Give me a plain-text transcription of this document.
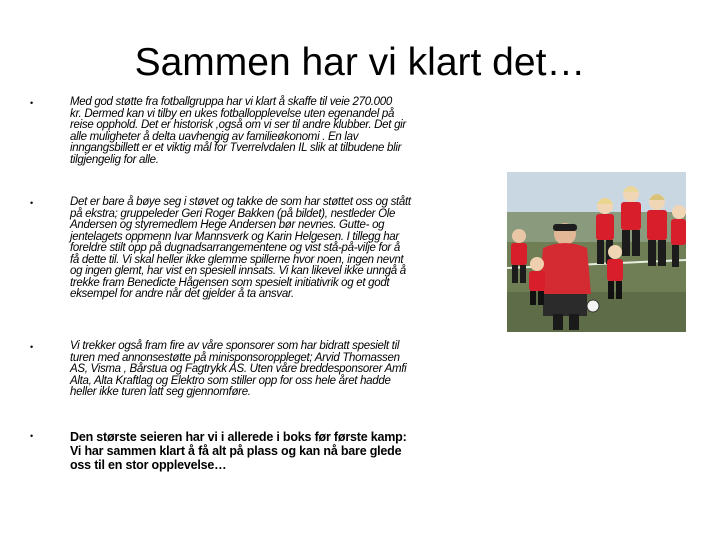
Sammen har vi klart det…
•	Med god støtte fra fotballgruppa har vi klart å skaffe til veie 270.000
kr. Dermed kan vi tilby en ukes fotballopplevelse uten egenandel på
reise opphold. Det er historisk ,også om vi ser til andre klubber. Det gir
alle muligheter å delta uavhengig av familieøkonomi . En lav
inngangsbillett er et viktig mål for Tverrelvdalen IL slik at tilbudene blir
tilgjengelig for alle.
•	Det er bare å bøye seg i støvet og takke de som har støttet oss og stått
på ekstra; gruppeleder Geri Roger Bakken (på bildet), nestleder Ole
Andersen og styremedlem Hege Andersen bør nevnes. Gutte- og
jentelagets oppmenn Ivar Mannsverk og Karin Helgesen. I tillegg har
foreldre stilt opp på dugnadsarrangementene og vist stå-på-vilje for å
få dette til. Vi skal heller ikke glemme spillerne hvor noen, ingen nevnt
og ingen glemt, har vist en spesiell innsats. Vi kan likevel ikke unngå å
trekke fram Benedicte Hågensen som spesielt initiativrik og et godt
eksempel for andre når det gjelder å ta ansvar.
•	Vi trekker også fram fire av våre sponsorer som har bidratt spesielt til
turen med annonsestøtte på minisponsoroppleget; Arvid Thomassen
AS, Visma , Bårstua og Fagtrykk AS. Uten våre breddesponsorer Amfi
Alta, Alta Kraftlag og Elektro som stiller opp for oss hele året hadde
heller ikke turen latt seg gjennomføre.
•	Den største seieren har vi i allerede i boks før første kamp:
Vi har sammen klart å få alt på plass og kan nå bare glede
oss til en stor opplevelse…
